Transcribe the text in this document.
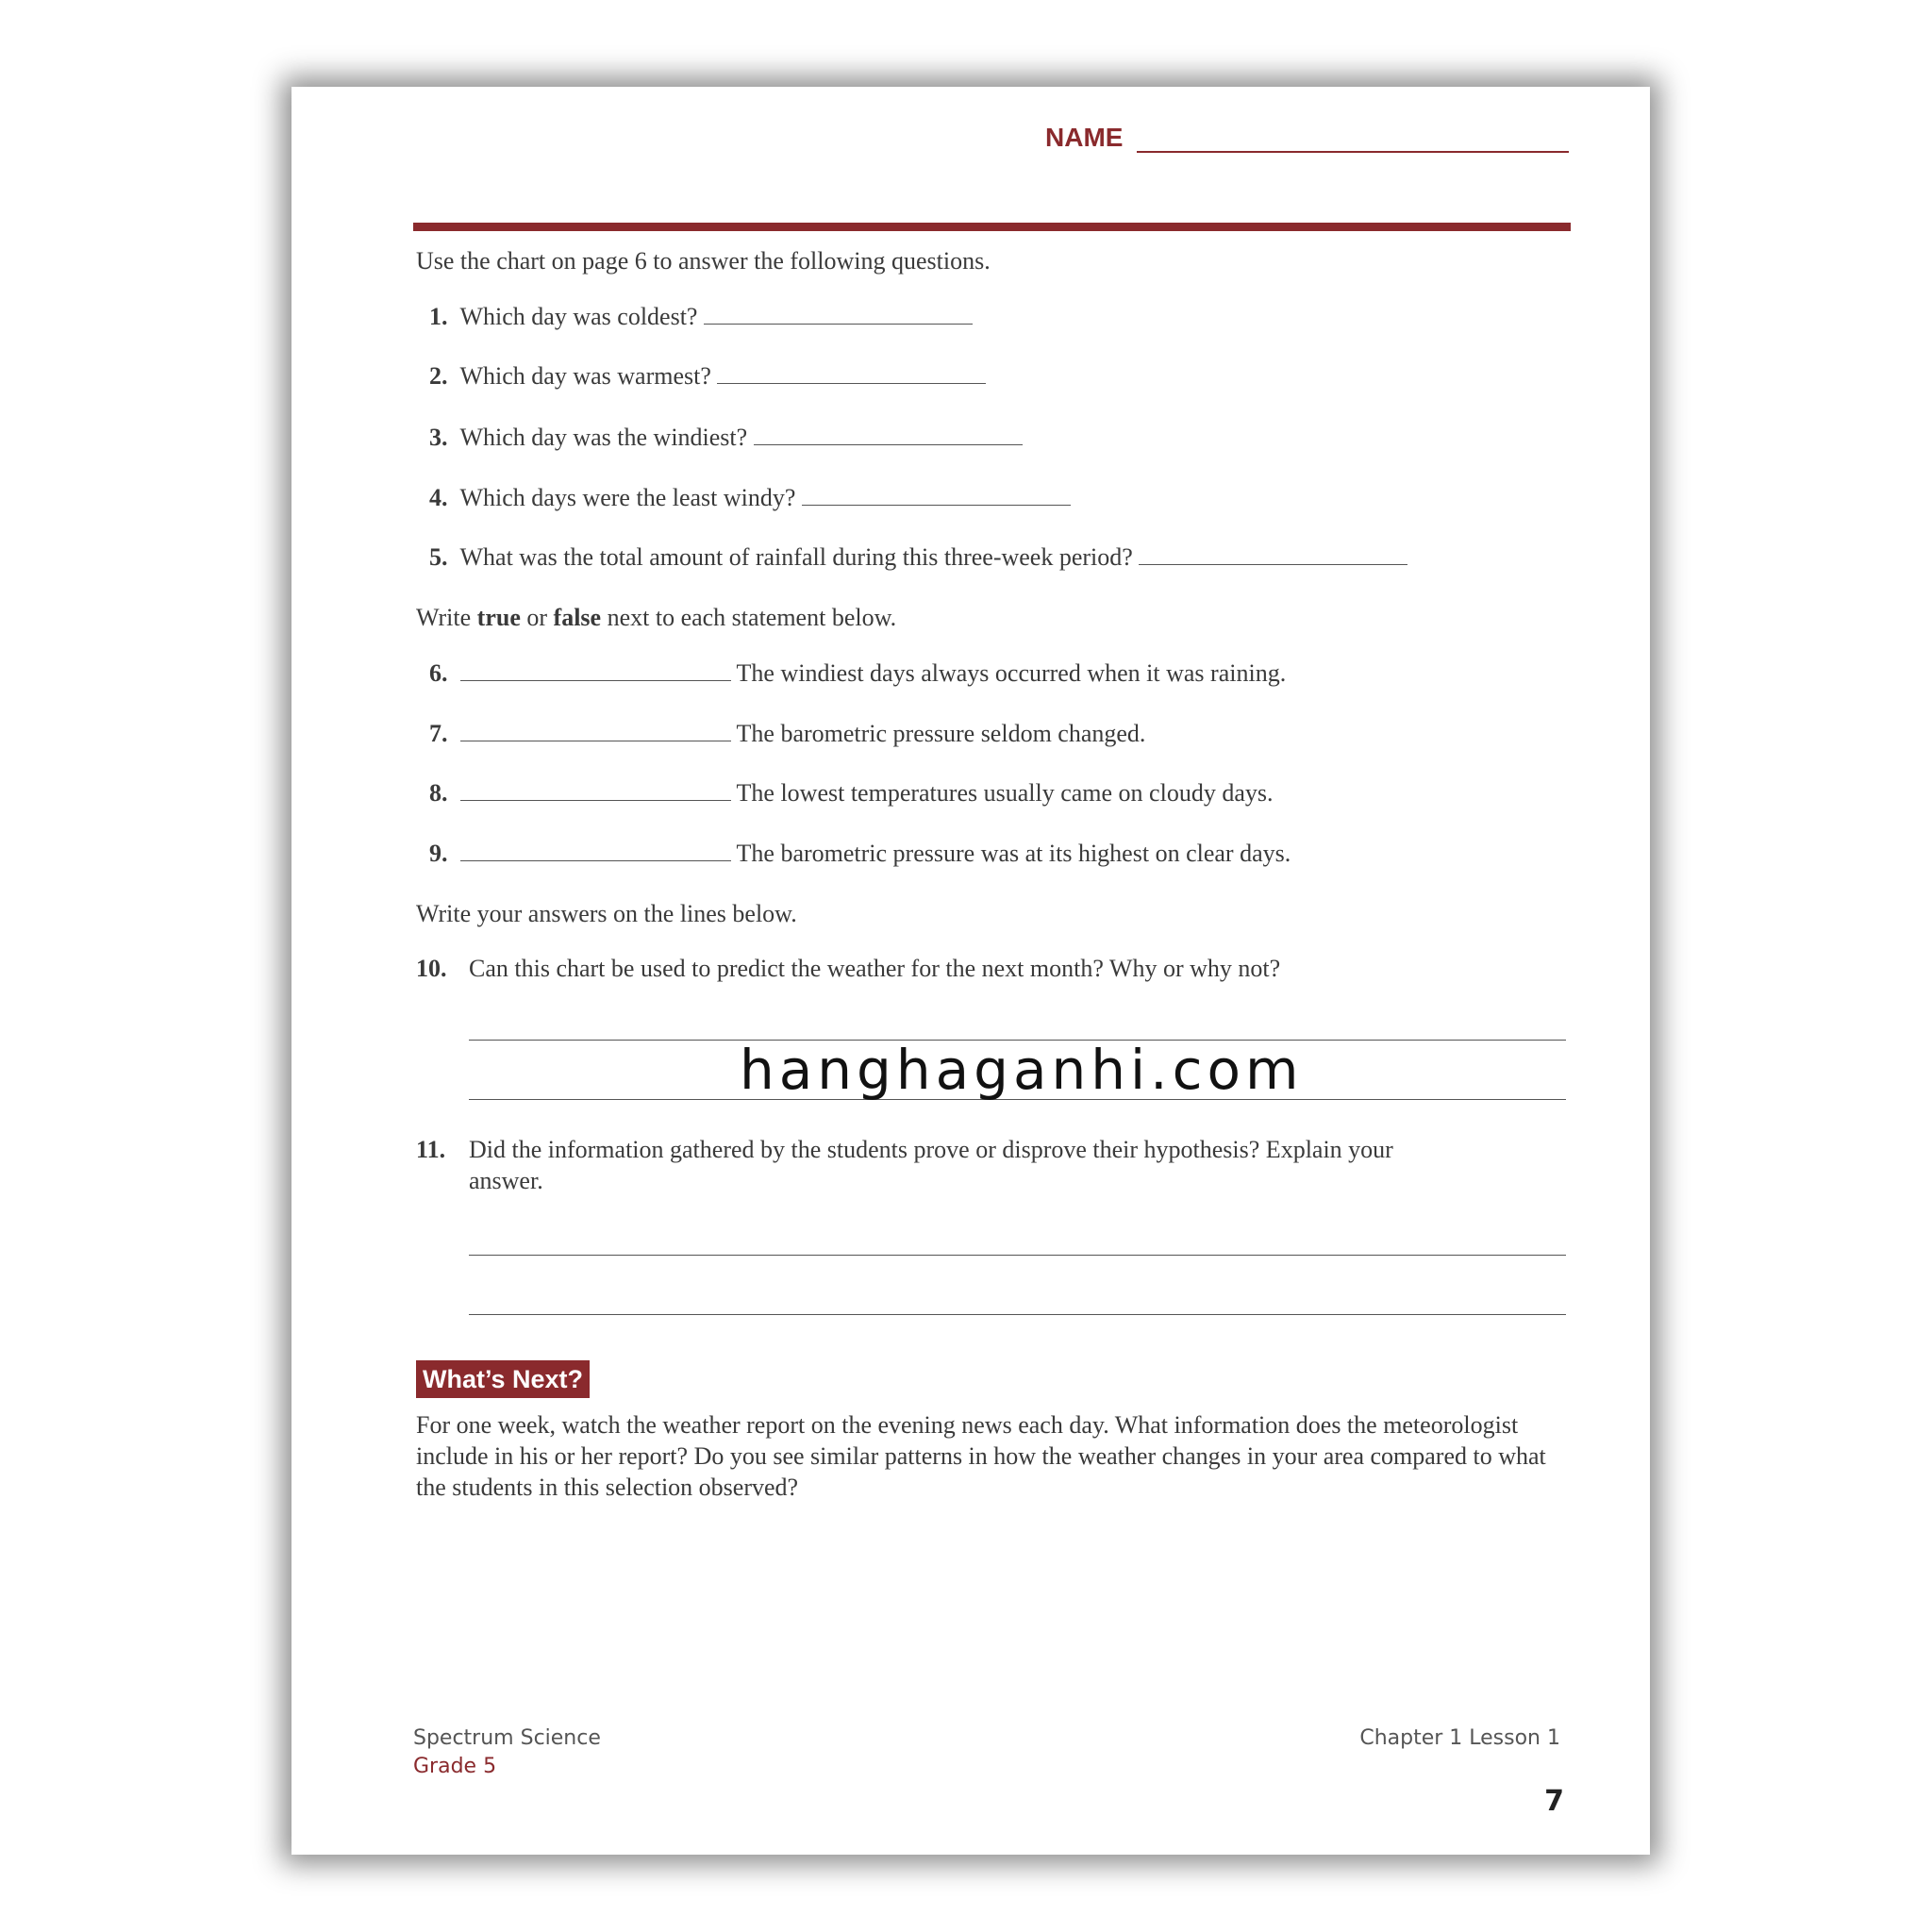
NAME
Use the chart on page 6 to answer the following questions.
1. Which day was coldest?
2. Which day was warmest?
3. Which day was the windiest?
4. Which days were the least windy?
5. What was the total amount of rainfall during this three-week period?
Write true or false next to each statement below.
6.	The windiest days always occurred when it was raining.
7.	The barometric pressure seldom changed.
8.	The lowest temperatures usually came on cloudy days.
9.	The barometric pressure was at its highest on clear days.
Write your answers on the lines below.
10. Can this chart be used to predict the weather for the next month? Why or why not?
11. Did the information gathered by the students prove or disprove their hypothesis? Explain your
answer.
What’s Next?
For one week, watch the weather report on the evening news each day. What information does the meteorologist include in his or her report? Do you see similar patterns in how the weather changes in your area compared to what the students in this selection observed?
Spectrum Science
Grade 5
Chapter 1 Lesson 1
7
hanghaganhi.com
